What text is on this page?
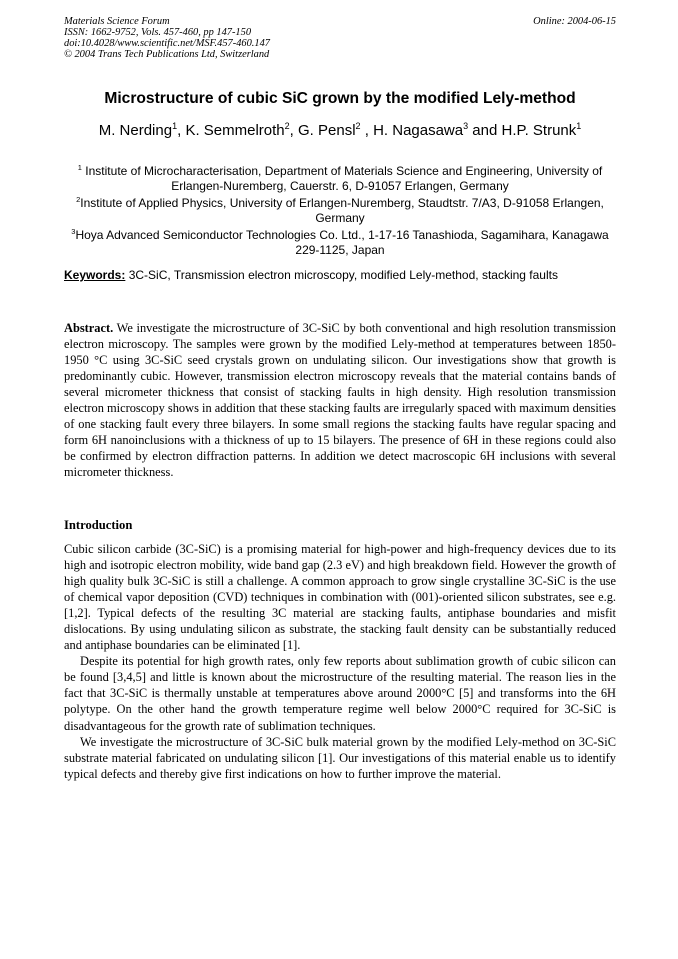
Materials Science Forum
ISSN: 1662-9752, Vols. 457-460, pp 147-150
doi:10.4028/www.scientific.net/MSF.457-460.147
© 2004 Trans Tech Publications Ltd, Switzerland
Online: 2004-06-15
Microstructure of cubic SiC grown by the modified Lely-method
M. Nerding$^1$, K. Semmelroth$^2$, G. Pensl$^2$ , H. Nagasawa$^3$ and H.P. Strunk$^1$
$^1$ Institute of Microcharacterisation, Department of Materials Science and Engineering, University of Erlangen-Nuremberg, Cauerstr. 6, D-91057 Erlangen, Germany
$^2$Institute of Applied Physics, University of Erlangen-Nuremberg, Staudtstr. 7/A3, D-91058 Erlangen, Germany
$^3$Hoya Advanced Semiconductor Technologies Co. Ltd., 1-17-16 Tanashioda, Sagamihara, Kanagawa 229-1125, Japan
Keywords: 3C-SiC, Transmission electron microscopy, modified Lely-method, stacking faults
Abstract. We investigate the microstructure of 3C-SiC by both conventional and high resolution transmission electron microscopy. The samples were grown by the modified Lely-method at temperatures between 1850-1950 °C using 3C-SiC seed crystals grown on undulating silicon. Our investigations show that growth is predominantly cubic. However, transmission electron microscopy reveals that the material contains bands of several micrometer thickness that consist of stacking faults in high density. High resolution transmission electron microscopy shows in addition that these stacking faults are irregularly spaced with maximum densities of one stacking fault every three bilayers. In some small regions the stacking faults have regular spacing and form 6H nanoinclusions with a thickness of up to 15 bilayers. The presence of 6H in these regions could also be confirmed by electron diffraction patterns. In addition we detect macroscopic 6H inclusions with several micrometer thickness.
Introduction

Cubic silicon carbide (3C-SiC) is a promising material for high-power and high-frequency devices due to its high and isotropic electron mobility, wide band gap (2.3 eV) and high breakdown field. However the growth of high quality bulk 3C-SiC is still a challenge. A common approach to grow single crystalline 3C-SiC is the use of chemical vapor deposition (CVD) techniques in combination with (001)-oriented silicon substrates, see e.g. [1,2]. Typical defects of the resulting 3C material are stacking faults, antiphase boundaries and misfit dislocations. By using undulating silicon as substrate, the stacking fault density can be substantially reduced and antiphase boundaries can be eliminated [1].

Despite its potential for high growth rates, only few reports about sublimation growth of cubic silicon can be found [3,4,5] and little is known about the microstructure of the resulting material. The reason lies in the fact that 3C-SiC is thermally unstable at temperatures above around 2000°C [5] and transforms into the 6H polytype. On the other hand the growth temperature regime well below 2000°C required for 3C-SiC is disadvantageous for the growth rate of sublimation techniques.

We investigate the microstructure of 3C-SiC bulk material grown by the modified Lely-method on 3C-SiC substrate material fabricated on undulating silicon [1]. Our investigations of this material enable us to identify typical defects and thereby give first indications on how to further improve the material.
